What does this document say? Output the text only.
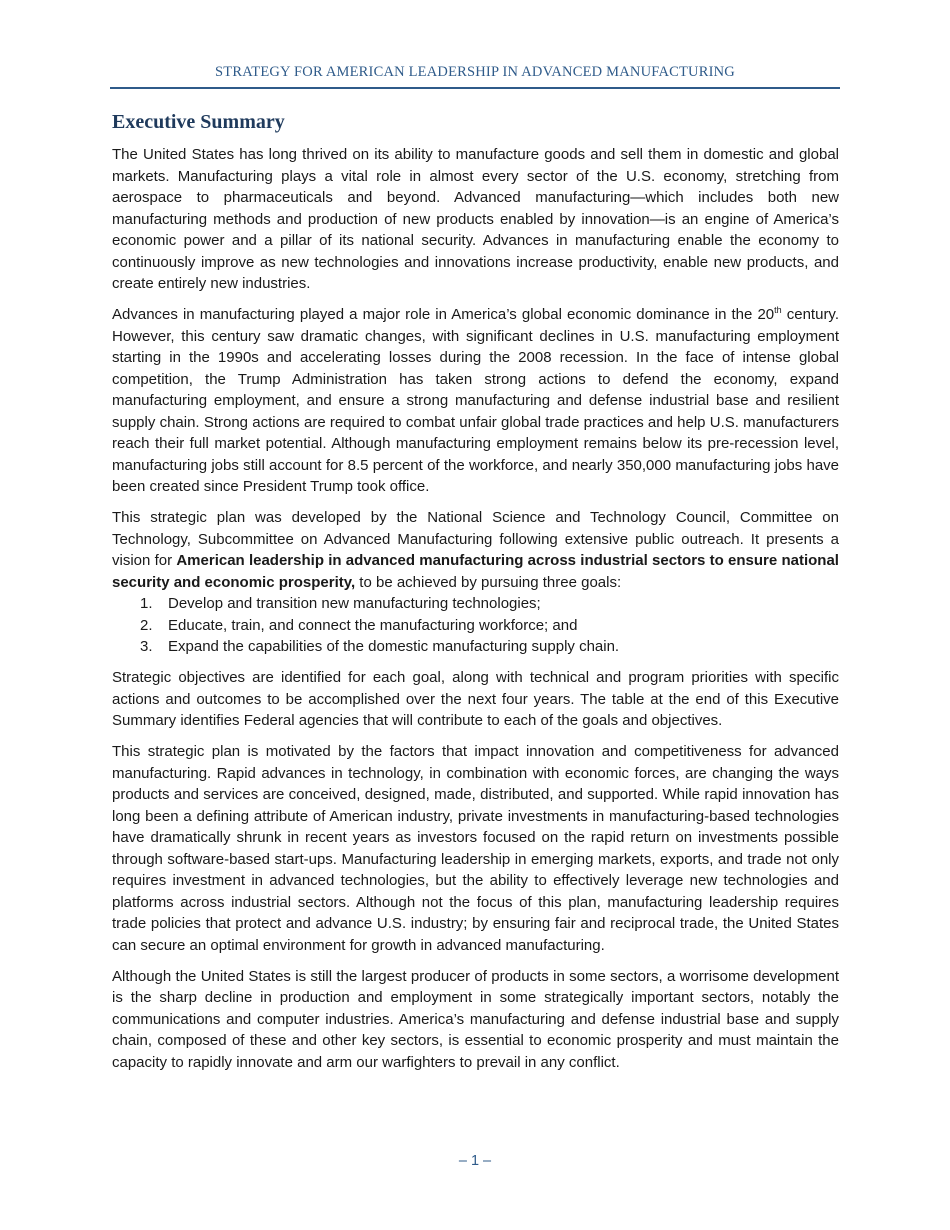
STRATEGY FOR AMERICAN LEADERSHIP IN ADVANCED MANUFACTURING
Executive Summary

The United States has long thrived on its ability to manufacture goods and sell them in domestic and global markets. Manufacturing plays a vital role in almost every sector of the U.S. economy, stretching from aerospace to pharmaceuticals and beyond. Advanced manufacturing—which includes both new manufacturing methods and production of new products enabled by innovation—is an engine of America’s economic power and a pillar of its national security. Advances in manufacturing enable the economy to continuously improve as new technologies and innovations increase productivity, enable new products, and create entirely new industries.

Advances in manufacturing played a major role in America’s global economic dominance in the 20th century. However, this century saw dramatic changes, with significant declines in U.S. manufacturing employment starting in the 1990s and accelerating losses during the 2008 recession. In the face of intense global competition, the Trump Administration has taken strong actions to defend the economy, expand manufacturing employment, and ensure a strong manufacturing and defense industrial base and resilient supply chain. Strong actions are required to combat unfair global trade practices and help U.S. manufacturers reach their full market potential. Although manufacturing employment remains below its pre-recession level, manufacturing jobs still account for 8.5 percent of the workforce, and nearly 350,000 manufacturing jobs have been created since President Trump took office.

This strategic plan was developed by the National Science and Technology Council, Committee on Technology, Subcommittee on Advanced Manufacturing following extensive public outreach. It presents a vision for American leadership in advanced manufacturing across industrial sectors to ensure national security and economic prosperity, to be achieved by pursuing three goals:

1. Develop and transition new manufacturing technologies;
2. Educate, train, and connect the manufacturing workforce; and
3. Expand the capabilities of the domestic manufacturing supply chain.

Strategic objectives are identified for each goal, along with technical and program priorities with specific actions and outcomes to be accomplished over the next four years. The table at the end of this Executive Summary identifies Federal agencies that will contribute to each of the goals and objectives.

This strategic plan is motivated by the factors that impact innovation and competitiveness for advanced manufacturing. Rapid advances in technology, in combination with economic forces, are changing the ways products and services are conceived, designed, made, distributed, and supported. While rapid innovation has long been a defining attribute of American industry, private investments in manufacturing-based technologies have dramatically shrunk in recent years as investors focused on the rapid return on investments possible through software-based start-ups. Manufacturing leadership in emerging markets, exports, and trade not only requires investment in advanced technologies, but the ability to effectively leverage new technologies and platforms across industrial sectors. Although not the focus of this plan, manufacturing leadership requires trade policies that protect and advance U.S. industry; by ensuring fair and reciprocal trade, the United States can secure an optimal environment for growth in advanced manufacturing.

Although the United States is still the largest producer of products in some sectors, a worrisome development is the sharp decline in production and employment in some strategically important sectors, notably the communications and computer industries. America’s manufacturing and defense industrial base and supply chain, composed of these and other key sectors, is essential to economic prosperity and must maintain the capacity to rapidly innovate and arm our warfighters to prevail in any conflict.

– 1 –
